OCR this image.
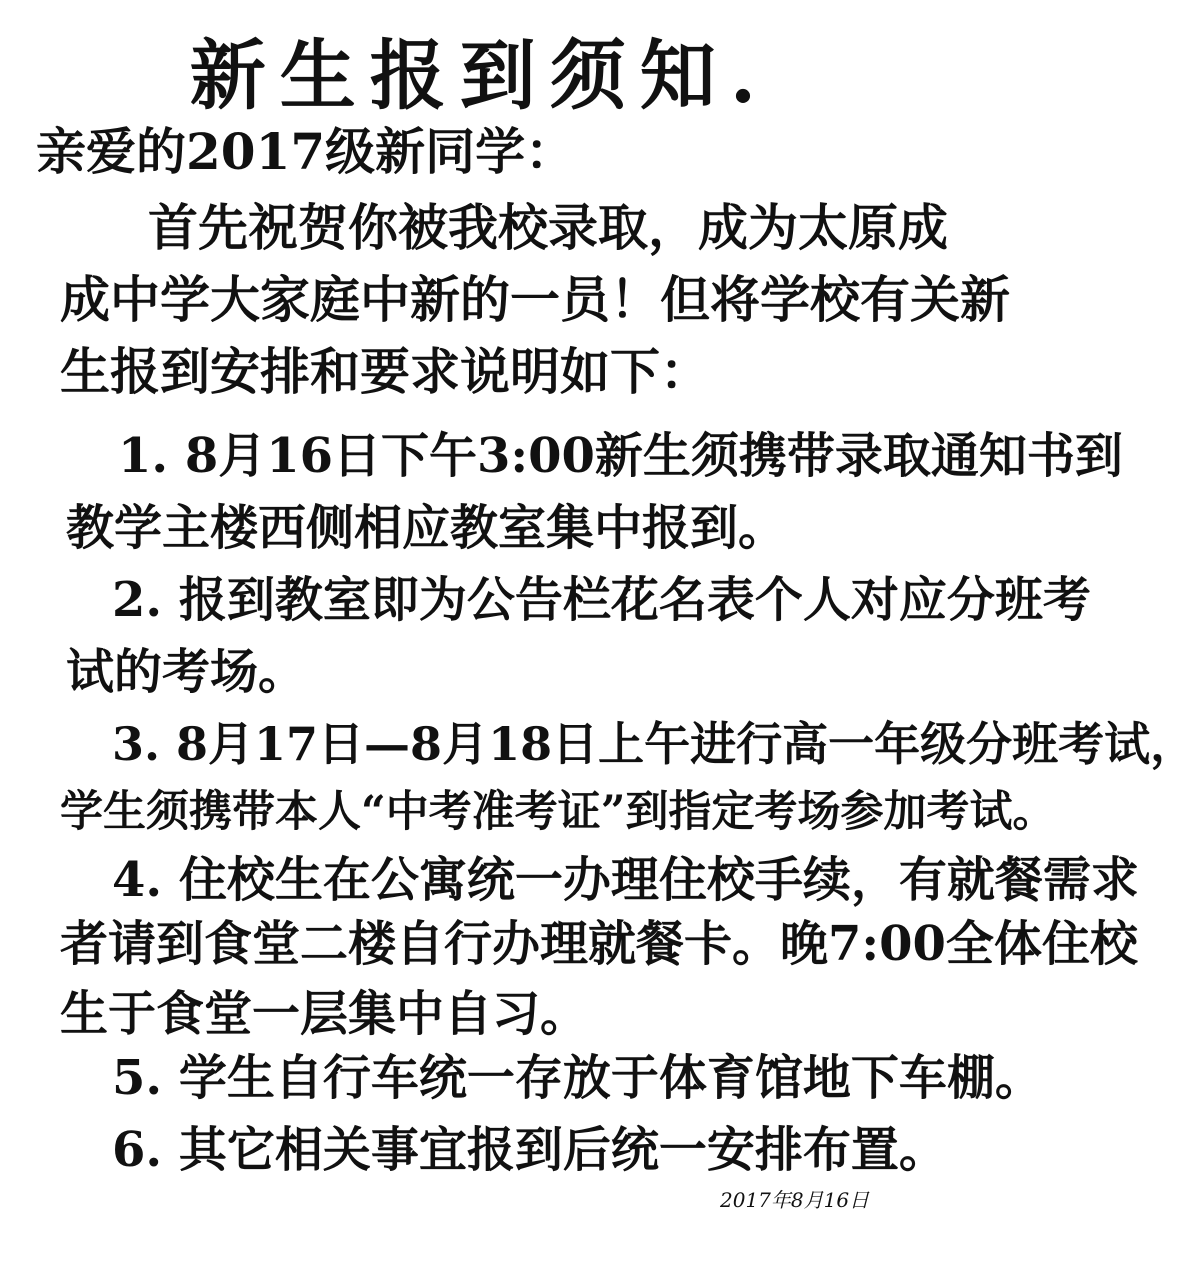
新生报到须知.

亲爱的2017级新同学：

首先祝贺你被我校录取，成为太原成

成中学大家庭中新的一员！但将学校有关新

生报到安排和要求说明如下：

1. 8月16日下午3:00新生须携带录取通知书到

教学主楼西侧相应教室集中报到。

2. 报到教室即为公告栏花名表个人对应分班考

试的考场。

3. 8月17日—8月18日上午进行高一年级分班考试，

学生须携带本人“中考准考证”到指定考场参加考试。

4. 住校生在公寓统一办理住校手续，有就餐需求

者请到食堂二楼自行办理就餐卡。晚7:00全体住校

生于食堂一层集中自习。

5. 学生自行车统一存放于体育馆地下车棚。

6. 其它相关事宜报到后统一安排布置。

2017年8月16日
